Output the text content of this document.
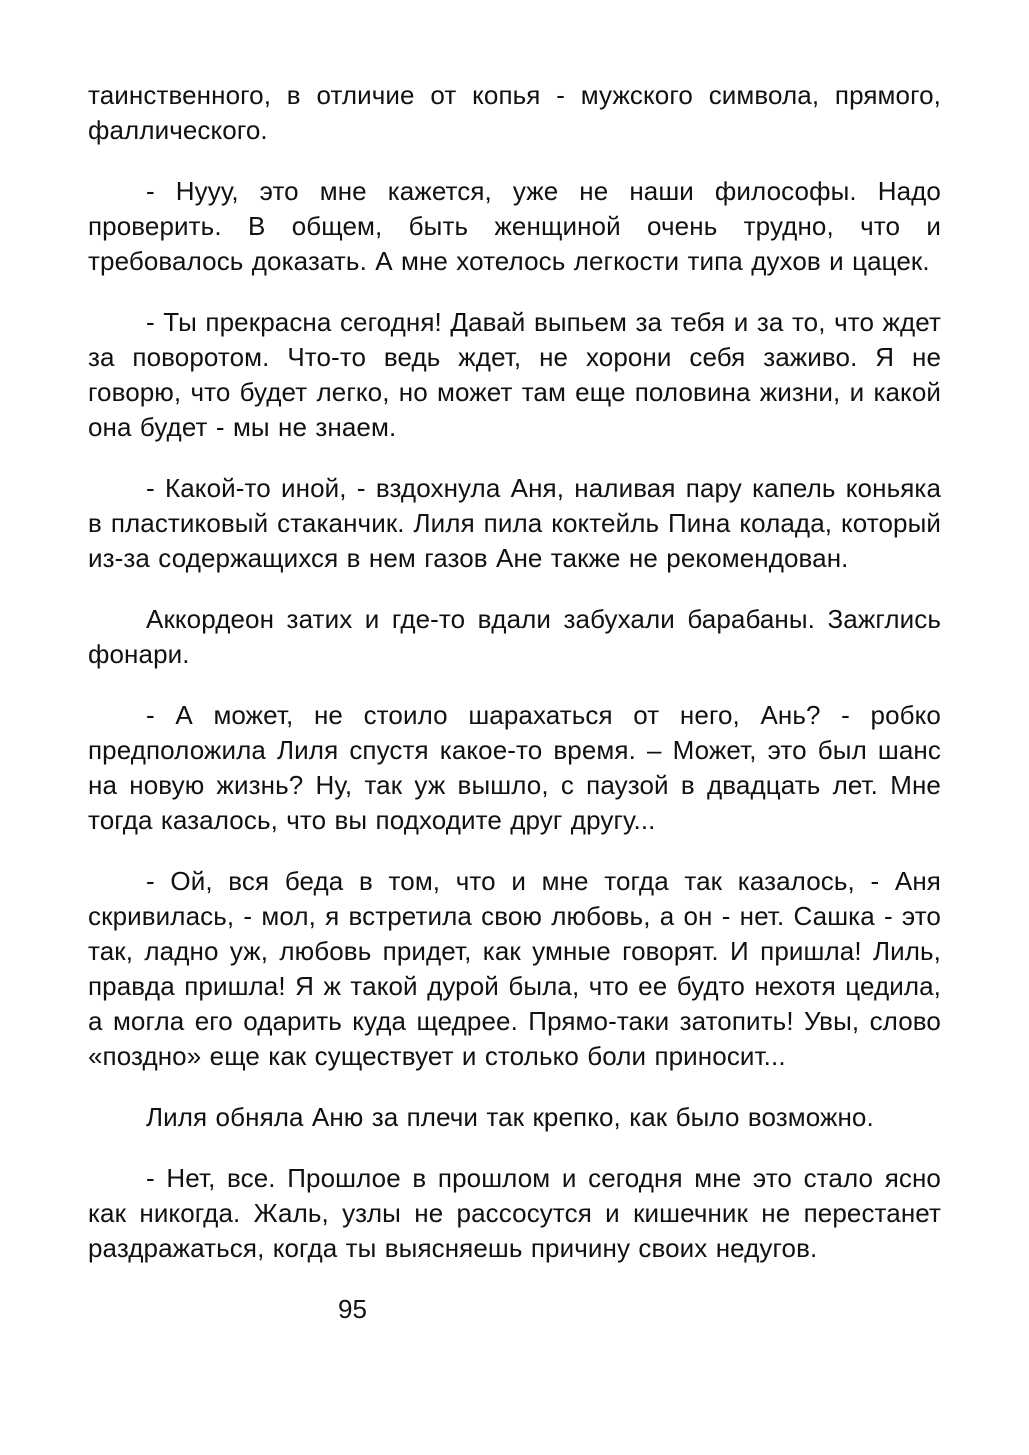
таинственного, в отличие от копья - мужского символа, прямого, фаллического.

- Нууу, это мне кажется, уже не наши философы. Надо проверить. В общем, быть женщиной очень трудно, что и требовалось доказать. А мне хотелось легкости типа духов и цацек.

- Ты прекрасна сегодня! Давай выпьем за тебя и за то, что ждет за поворотом. Что-то ведь ждет, не хорони себя заживо. Я не говорю, что будет легко, но может там еще половина жизни, и какой она будет - мы не знаем.

- Какой-то иной, - вздохнула Аня, наливая пару капель коньяка в пластиковый стаканчик. Лиля пила коктейль Пина колада, который из-за содержащихся в нем газов Ане также не рекомендован.

Аккордеон затих и где-то вдали забухали барабаны. Зажглись фонари.

- А может, не стоило шарахаться от него, Ань? - робко предположила Лиля спустя какое-то время. – Может, это был шанс на новую жизнь? Ну, так уж вышло, с паузой в двадцать лет. Мне тогда казалось, что вы подходите друг другу...

- Ой, вся беда в том, что и мне тогда так казалось, - Аня скривилась, - мол, я встретила свою любовь, а он - нет. Сашка - это так, ладно уж, любовь придет, как умные говорят. И пришла! Лиль, правда пришла! Я ж такой дурой была, что ее будто нехотя цедила, а могла его одарить куда щедрее. Прямо-таки затопить! Увы, слово «поздно» еще как существует и столько боли приносит...

Лиля обняла Аню за плечи так крепко, как было возможно.

- Нет, все. Прошлое в прошлом и сегодня мне это стало ясно как никогда. Жаль, узлы не рассосутся и кишечник не перестанет раздражаться, когда ты выясняешь причину своих недугов.

95
